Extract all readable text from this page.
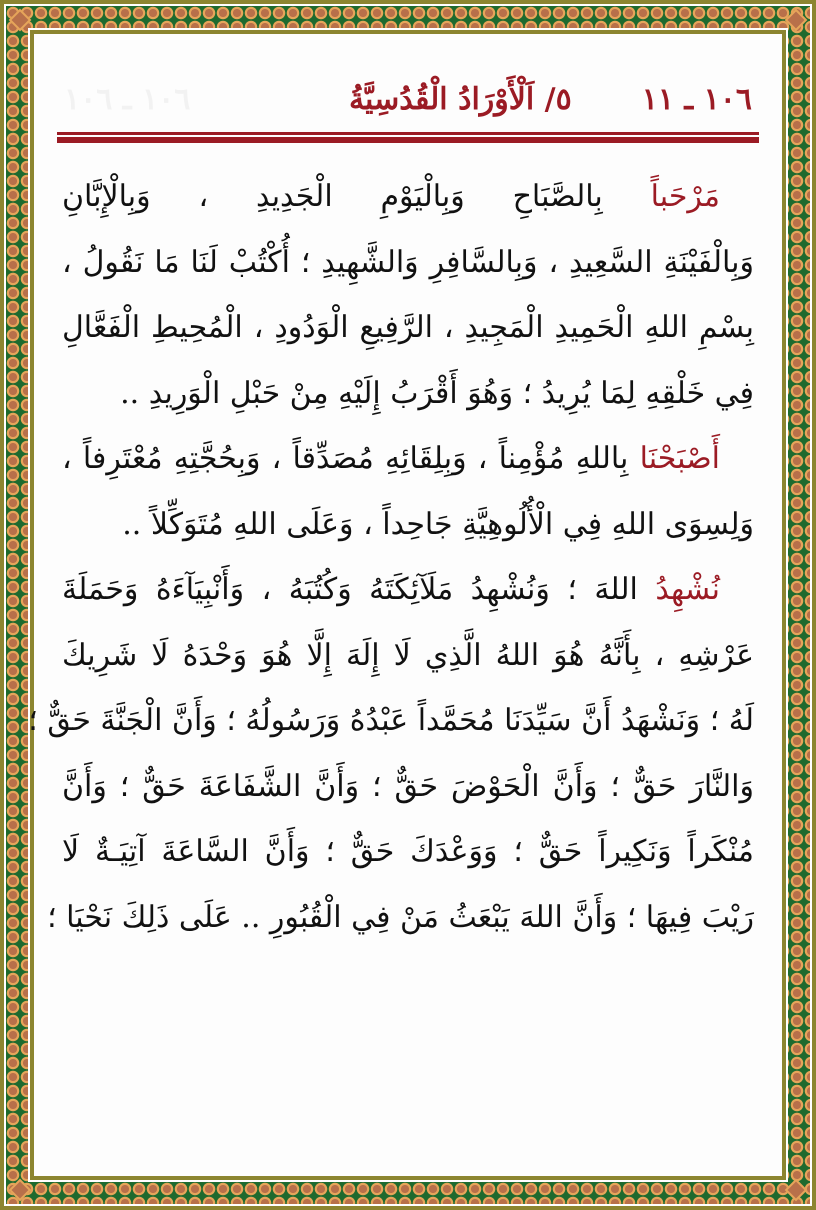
١٠٦ ـ ١١
٥/ اَلْأَوْرَادُ الْقُدُسِيَّةُ
١٠٦ ـ ١٠٦
مَرْحَباً بِالصَّبَاحِ وَبِالْيَوْمِ الْجَدِيدِ ، وَبِالْإِبَّانِ
وَبِالْفَيْنَةِ السَّعِيدِ ، وَبِالسَّافِرِ وَالشَّهِيدِ ؛ أُكْتُبْ لَنَا مَا نَقُولُ ،
بِسْمِ اللهِ الْحَمِيدِ الْمَجِيدِ ، الرَّفِيعِ الْوَدُودِ ، الْمُحِيطِ الْفَعَّالِ
فِي خَلْقِهِ لِمَا يُرِيدُ ؛ وَهُوَ أَقْرَبُ إِلَيْهِ مِنْ حَبْلِ الْوَرِيدِ ..
أَصْبَحْنَا بِاللهِ مُؤْمِناً ، وَبِلِقَائِهِ مُصَدِّقاً ، وَبِحُجَّتِهِ مُعْتَرِفاً ،
وَلِسِوَى اللهِ فِي الْأُلُوهِيَّةِ جَاحِداً ، وَعَلَى اللهِ مُتَوَكِّلاً ..
نُشْهِدُ اللهَ ؛ وَنُشْهِدُ مَلَآئِكَتَهُ وَكُتُبَهُ ، وَأَنْبِيَآءَهُ وَحَمَلَةَ
عَرْشِهِ ، بِأَنَّهُ هُوَ اللهُ الَّذِي لَا إِلَهَ إِلَّا هُوَ وَحْدَهُ لَا شَرِيكَ
لَهُ ؛ وَنَشْهَدُ أَنَّ سَيِّدَنَا مُحَمَّداً عَبْدُهُ وَرَسُولُهُ ؛ وَأَنَّ الْجَنَّةَ حَقٌّ ؛
وَالنَّارَ حَقٌّ ؛ وَأَنَّ الْحَوْضَ حَقٌّ ؛ وَأَنَّ الشَّفَاعَةَ حَقٌّ ؛ وَأَنَّ
مُنْكَراً وَنَكِيراً حَقٌّ ؛ وَوَعْدَكَ حَقٌّ ؛ وَأَنَّ السَّاعَةَ آتِيَـةٌ لَا
رَيْبَ فِيهَا ؛ وَأَنَّ اللهَ يَبْعَثُ مَنْ فِي الْقُبُورِ .. عَلَى ذَلِكَ نَحْيَا ؛
